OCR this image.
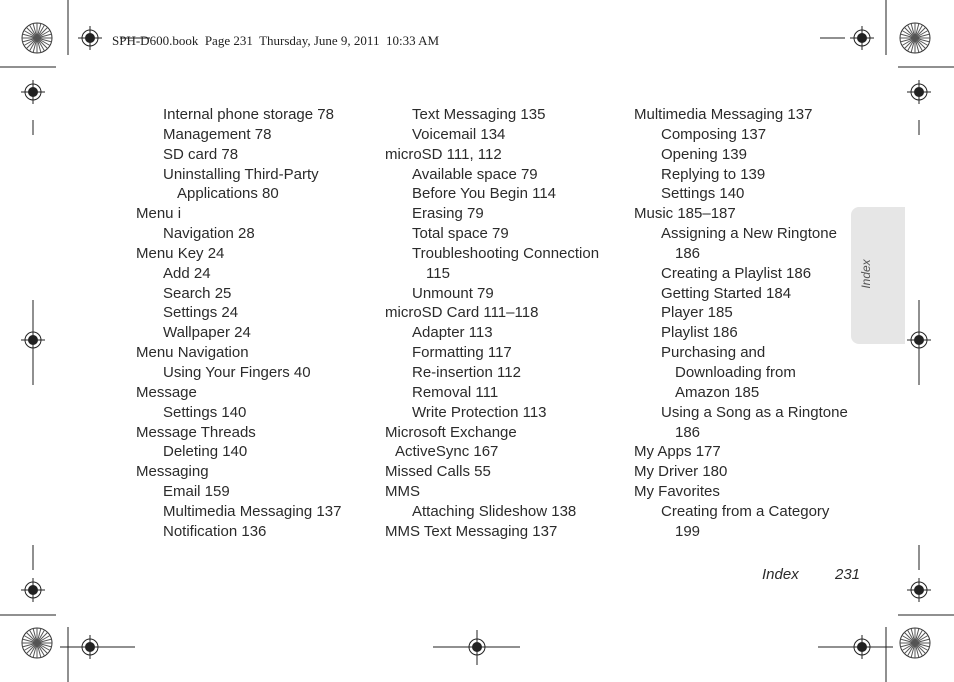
SPH-D600.book  Page 231  Thursday, June 9, 2011  10:33 AM
Internal phone storage 78
Management 78
SD card 78
Uninstalling Third-Party
Applications 80
Menu i
Navigation 28
Menu Key 24
Add 24
Search 25
Settings 24
Wallpaper 24
Menu Navigation
Using Your Fingers 40
Message
Settings 140
Message Threads
Deleting 140
Messaging
Email 159
Multimedia Messaging 137
Notification 136
Text Messaging 135
Voicemail 134
microSD 111, 112
Available space 79
Before You Begin 114
Erasing 79
Total space 79
Troubleshooting Connection
115
Unmount 79
microSD Card 111–118
Adapter 113
Formatting 117
Re-insertion 112
Removal 111
Write Protection 113
Microsoft Exchange
ActiveSync 167
Missed Calls 55
MMS
Attaching Slideshow 138
MMS Text Messaging 137
Multimedia Messaging 137
Composing 137
Opening 139
Replying to 139
Settings 140
Music 185–187
Assigning a New Ringtone
186
Creating a Playlist 186
Getting Started 184
Player 185
Playlist 186
Purchasing and
Downloading from
Amazon 185
Using a Song as a Ringtone
186
My Apps 177
My Driver 180
My Favorites
Creating from a Category
199
Index
Index 231
